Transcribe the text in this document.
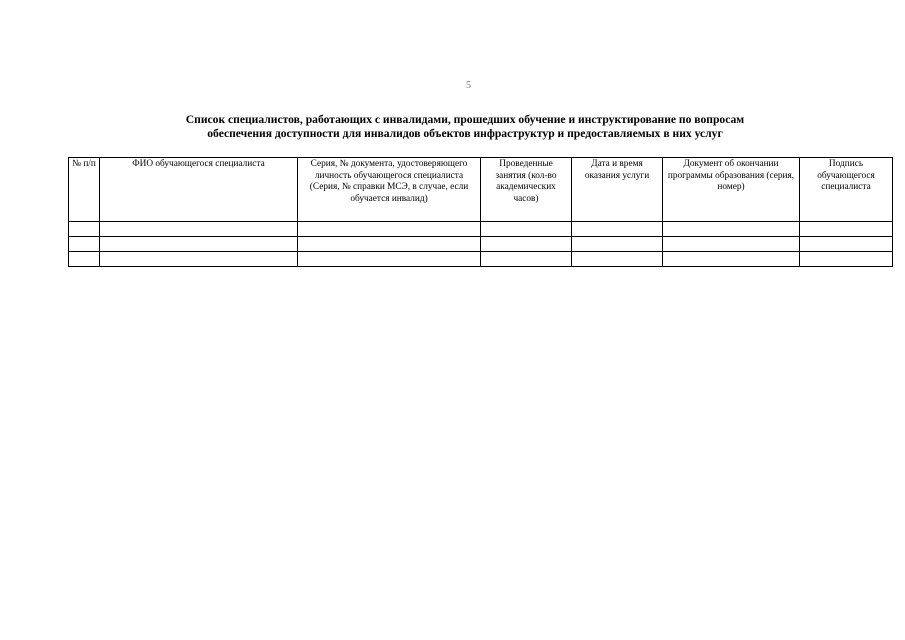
5
Список специалистов, работающих с инвалидами, прошедших обучение и инструктирование по вопросам
обеспечения доступности для инвалидов объектов инфраструктур и предоставляемых в них услуг
№ п/п	ФИО обучающегося специалиста	Серия, № документа, удостоверяющего личность обучающегося специалиста (Серия, № справки МСЭ, в случае, если обучается инвалид)	Проведенные занятия (кол-во академических часов)	Дата и время оказания услуги	Документ об окончании программы образования (серия, номер)	Подпись обучающегося специалиста
